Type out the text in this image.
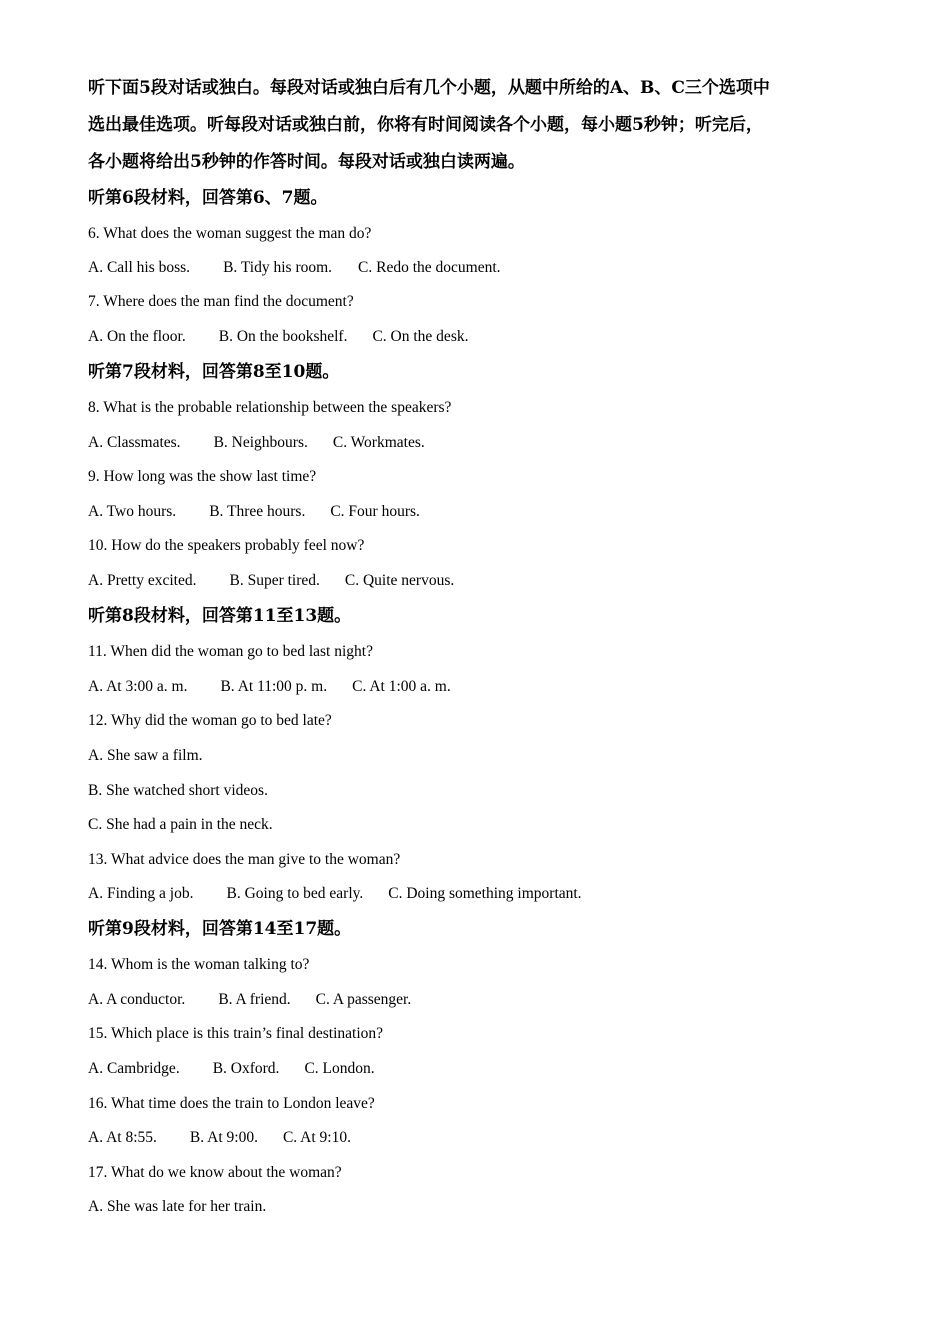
听下面5段对话或独白。每段对话或独白后有几个小题，从题中所给的A、B、C三个选项中
选出最佳选项。听每段对话或独白前，你将有时间阅读各个小题，每小题5秒钟；听完后，
各小题将给出5秒钟的作答时间。每段对话或独白读两遍。

听第6段材料，回答第6、7题。
6. What does the woman suggest the man do?
A. Call his boss. B. Tidy his room. C. Redo the document.
7. Where does the man find the document?
A. On the floor. B. On the bookshelf. C. On the desk.
听第7段材料，回答第8至10题。
8. What is the probable relationship between the speakers?
A. Classmates. B. Neighbours. C. Workmates.
9. How long was the show last time?
A. Two hours. B. Three hours. C. Four hours.
10. How do the speakers probably feel now?
A. Pretty excited. B. Super tired. C. Quite nervous.
听第8段材料，回答第11至13题。
11. When did the woman go to bed last night?
A. At 3:00 a. m. B. At 11:00 p. m. C. At 1:00 a. m.
12. Why did the woman go to bed late?
A. She saw a film.
B. She watched short videos.
C. She had a pain in the neck.
13. What advice does the man give to the woman?
A. Finding a job. B. Going to bed early. C. Doing something important.
听第9段材料，回答第14至17题。
14. Whom is the woman talking to?
A. A conductor. B. A friend. C. A passenger.
15. Which place is this train’s final destination?
A. Cambridge. B. Oxford. C. London.
16. What time does the train to London leave?
A. At 8:55. B. At 9:00. C. At 9:10.
17. What do we know about the woman?
A. She was late for her train.
